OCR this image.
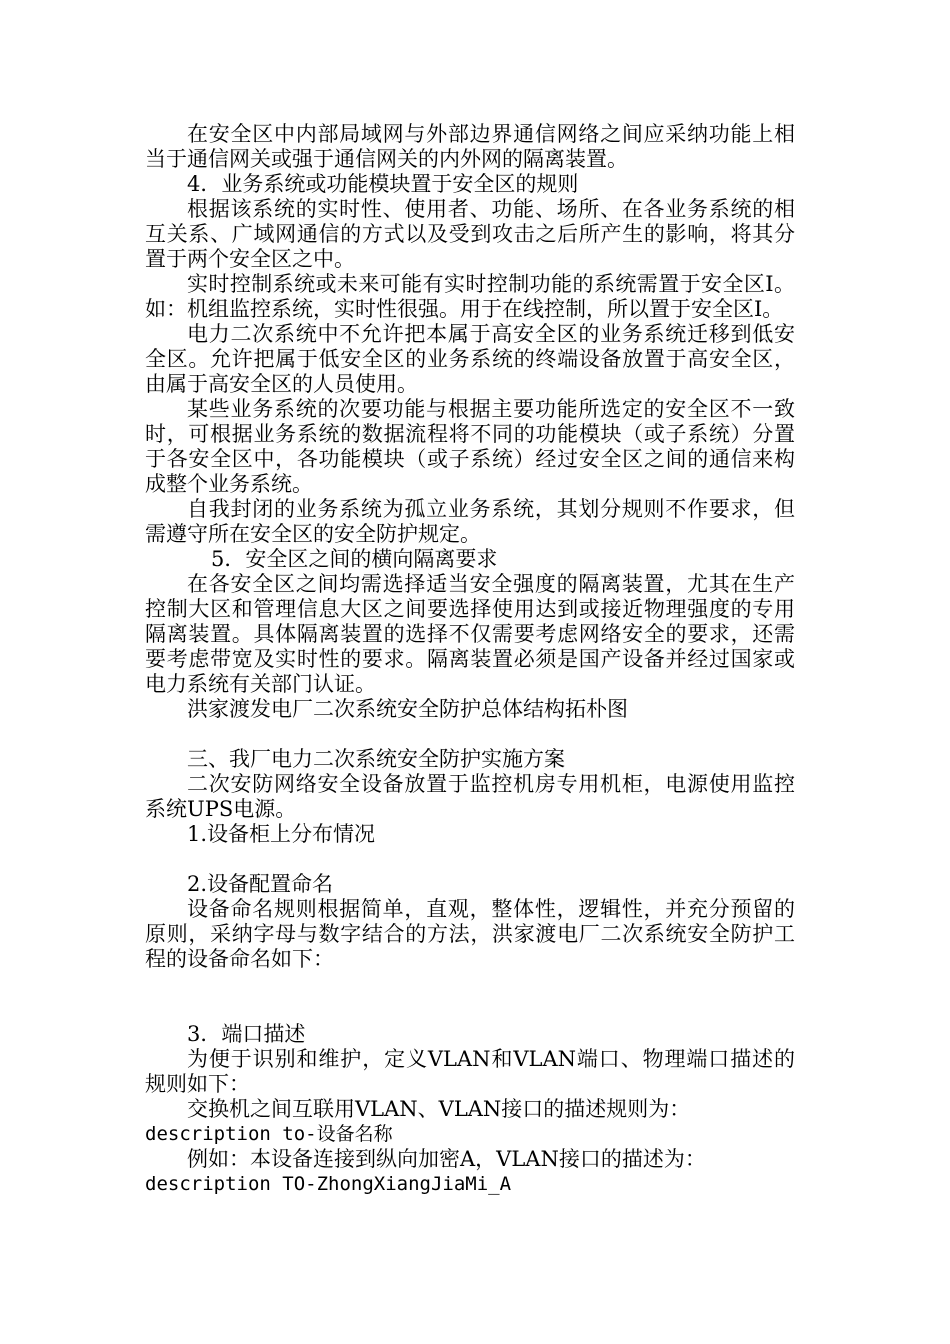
在安全区中内部局域网与外部边界通信网络之间应采纳功能上相当于通信网关或强于通信网关的内外网的隔离装置。

4．业务系统或功能模块置于安全区的规则

根据该系统的实时性、使用者、功能、场所、在各业务系统的相互关系、广域网通信的方式以及受到攻击之后所产生的影响，将其分置于两个安全区之中。

实时控制系统或未来可能有实时控制功能的系统需置于安全区Ⅰ。如：机组监控系统，实时性很强。用于在线控制，所以置于安全区Ⅰ。

电力二次系统中不允许把本属于高安全区的业务系统迁移到低安全区。允许把属于低安全区的业务系统的终端设备放置于高安全区，由属于高安全区的人员使用。

某些业务系统的次要功能与根据主要功能所选定的安全区不一致时，可根据业务系统的数据流程将不同的功能模块（或子系统）分置于各安全区中，各功能模块（或子系统）经过安全区之间的通信来构成整个业务系统。

自我封闭的业务系统为孤立业务系统，其划分规则不作要求，但需遵守所在安全区的安全防护规定。

5．安全区之间的横向隔离要求

在各安全区之间均需选择适当安全强度的隔离装置，尤其在生产控制大区和管理信息大区之间要选择使用达到或接近物理强度的专用隔离装置。具体隔离装置的选择不仅需要考虑网络安全的要求，还需要考虑带宽及实时性的要求。隔离装置必须是国产设备并经过国家或电力系统有关部门认证。

洪家渡发电厂二次系统安全防护总体结构拓朴图

三、我厂电力二次系统安全防护实施方案

二次安防网络安全设备放置于监控机房专用机柜，电源使用监控系统UPS电源。

1.设备柜上分布情况

2.设备配置命名

设备命名规则根据简单，直观，整体性，逻辑性，并充分预留的原则，采纳字母与数字结合的方法，洪家渡电厂二次系统安全防护工程的设备命名如下：

3．端口描述

为便于识别和维护，定义VLAN和VLAN端口、物理端口描述的规则如下：

交换机之间互联用VLAN、VLAN接口的描述规则为：

description to-设备名称

例如：本设备连接到纵向加密A，VLAN接口的描述为：

description TO-ZhongXiangJiaMi_A
